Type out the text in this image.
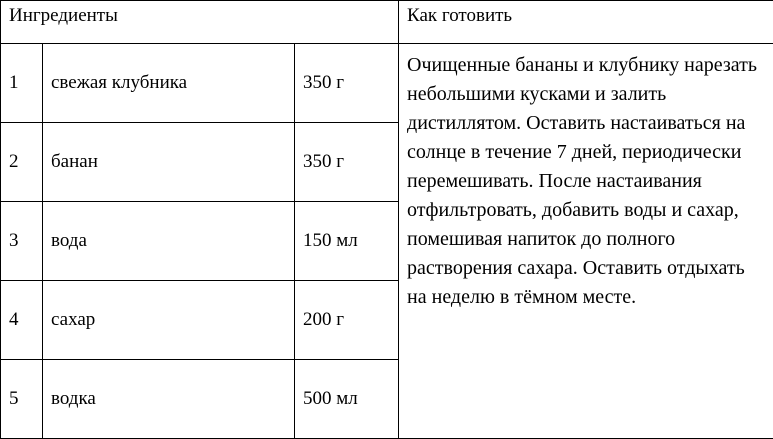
Ингредиенты			Как готовить
1	свежая клубника	350 г	Очищенные бананы и клубнику нарезать небольшими кусками и залить дистиллятом. Оставить настаиваться на солнце в течение 7 дней, периодически перемешивать. После настаивания отфильтровать, добавить воды и сахар, помешивая напиток до полного растворения сахара. Оставить отдыхать на неделю в тёмном месте.
2	банан	350 г	
3	вода	150 мл	
4	сахар	200 г	
5	водка	500 мл	
